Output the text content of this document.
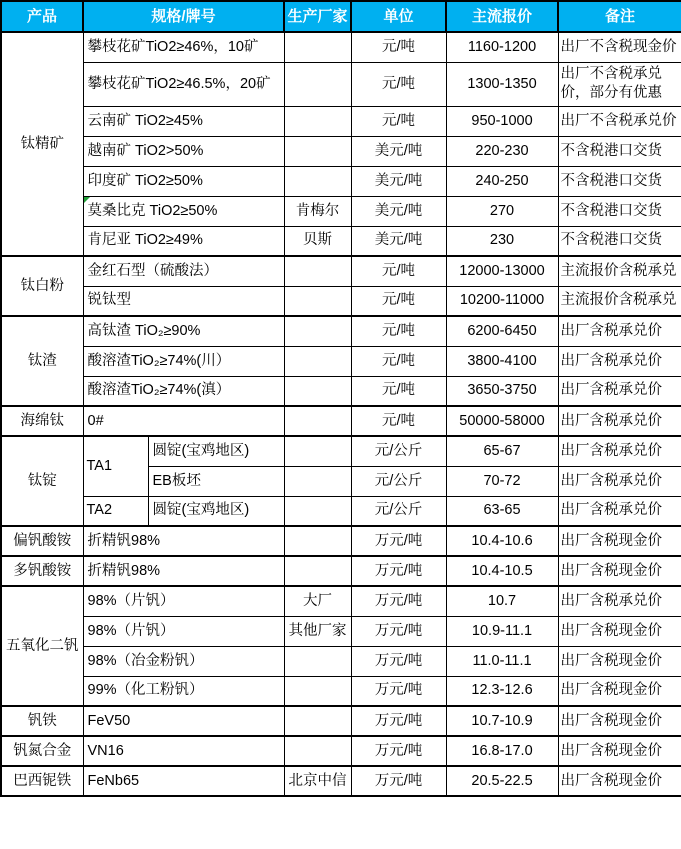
产品	规格/牌号		生产厂家	单位	主流报价	备注
钛精矿	攀枝花矿TiO2≥46%，10矿			元/吨	1160-1200	出厂不含税现金价
	攀枝花矿TiO2≥46.5%，20矿			元/吨	1300-1350	出厂不含税承兑价，部分有优惠
	云南矿 TiO2≥45%			元/吨	950-1000	出厂不含税承兑价
	越南矿 TiO2>50%			美元/吨	220-230	不含税港口交货
	印度矿 TiO2≥50%			美元/吨	240-250	不含税港口交货
	莫桑比克 TiO2≥50%		肯梅尔	美元/吨	270	不含税港口交货
	肯尼亚 TiO2≥49%		贝斯	美元/吨	230	不含税港口交货
钛白粉	金红石型（硫酸法）			元/吨	12000-13000	主流报价含税承兑
	锐钛型			元/吨	10200-11000	主流报价含税承兑
钛渣	高钛渣 TiO₂≥90%			元/吨	6200-6450	出厂含税承兑价
	酸溶渣TiO₂≥74%(川）			元/吨	3800-4100	出厂含税承兑价
	酸溶渣TiO₂≥74%(滇）			元/吨	3650-3750	出厂含税承兑价
海绵钛	0#			元/吨	50000-58000	出厂含税承兑价
钛锭	TA1	圆锭(宝鸡地区)		元/公斤	65-67	出厂含税承兑价
		EB板坯		元/公斤	70-72	出厂含税承兑价
	TA2	圆锭(宝鸡地区)		元/公斤	63-65	出厂含税承兑价
偏钒酸铵	折精钒98%			万元/吨	10.4-10.6	出厂含税现金价
多钒酸铵	折精钒98%			万元/吨	10.4-10.5	出厂含税现金价
五氧化二钒	98%（片钒）		大厂	万元/吨	10.7	出厂含税承兑价
	98%（片钒）		其他厂家	万元/吨	10.9-11.1	出厂含税现金价
	98%（冶金粉钒）			万元/吨	11.0-11.1	出厂含税现金价
	99%（化工粉钒）			万元/吨	12.3-12.6	出厂含税现金价
钒铁	FeV50			万元/吨	10.7-10.9	出厂含税现金价
钒氮合金	VN16			万元/吨	16.8-17.0	出厂含税现金价
巴西铌铁	FeNb65		北京中信	万元/吨	20.5-22.5	出厂含税现金价
